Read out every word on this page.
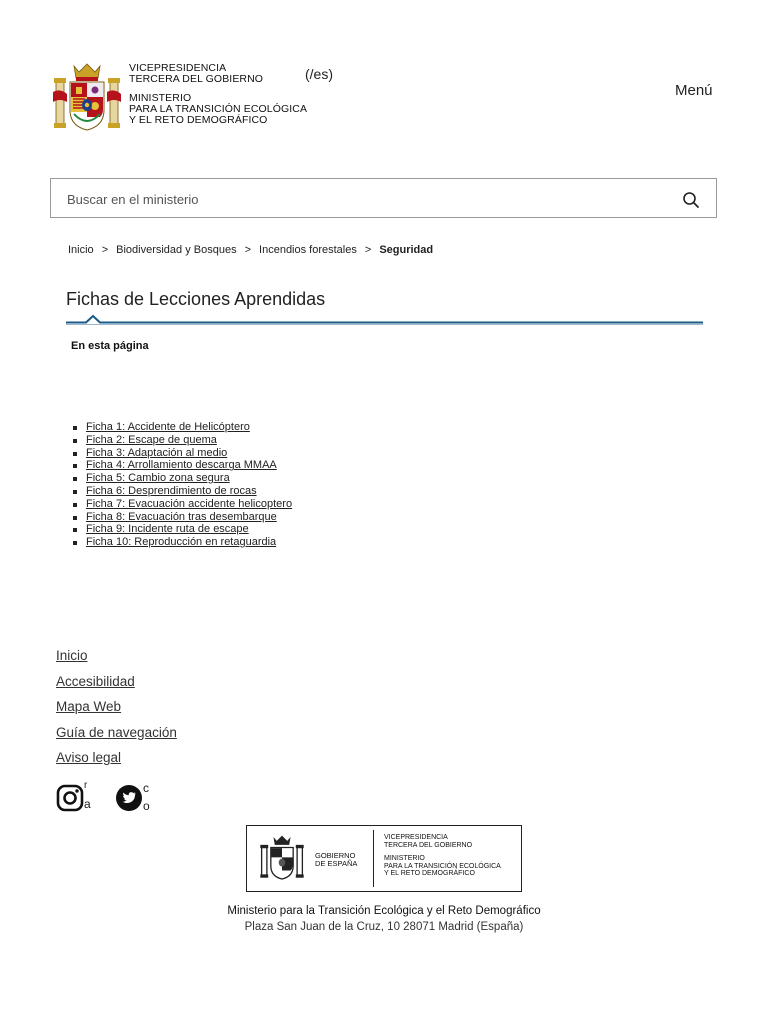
VICEPRESIDENCIA
TERCERA DEL GOBIERNO
MINISTERIO
PARA LA TRANSICIÓN ECOLÓGICA
Y EL RETO DEMOGRÁFICO
(/es)
Menú
Buscar en el ministerio
Inicio > Biodiversidad y Bosques > Incendios forestales > Seguridad
Fichas de Lecciones Aprendidas
En esta página
Ficha 1: Accidente de Helicóptero
Ficha 2: Escape de quema
Ficha 3: Adaptación al medio
Ficha 4: Arrollamiento descarga MMAA
Ficha 5: Cambio zona segura
Ficha 6: Desprendimiento de rocas
Ficha 7: Evacuación accidente helicoptero
Ficha 8: Evacuación tras desembarque
Ficha 9: Incidente ruta de escape
Ficha 10: Reproducción en retaguardia
Inicio
Accesibilidad
Mapa Web
Guía de navegación
Aviso legal
r
a
c
o
GOBIERNO
DE ESPAÑA
VICEPRESIDENCIA
TERCERA DEL GOBIERNO
MINISTERIO
PARA LA TRANSICIÓN ECOLÓGICA
Y EL RETO DEMOGRÁFICO
Ministerio para la Transición Ecológica y el Reto Demográfico
Plaza San Juan de la Cruz, 10 28071 Madrid (España)
